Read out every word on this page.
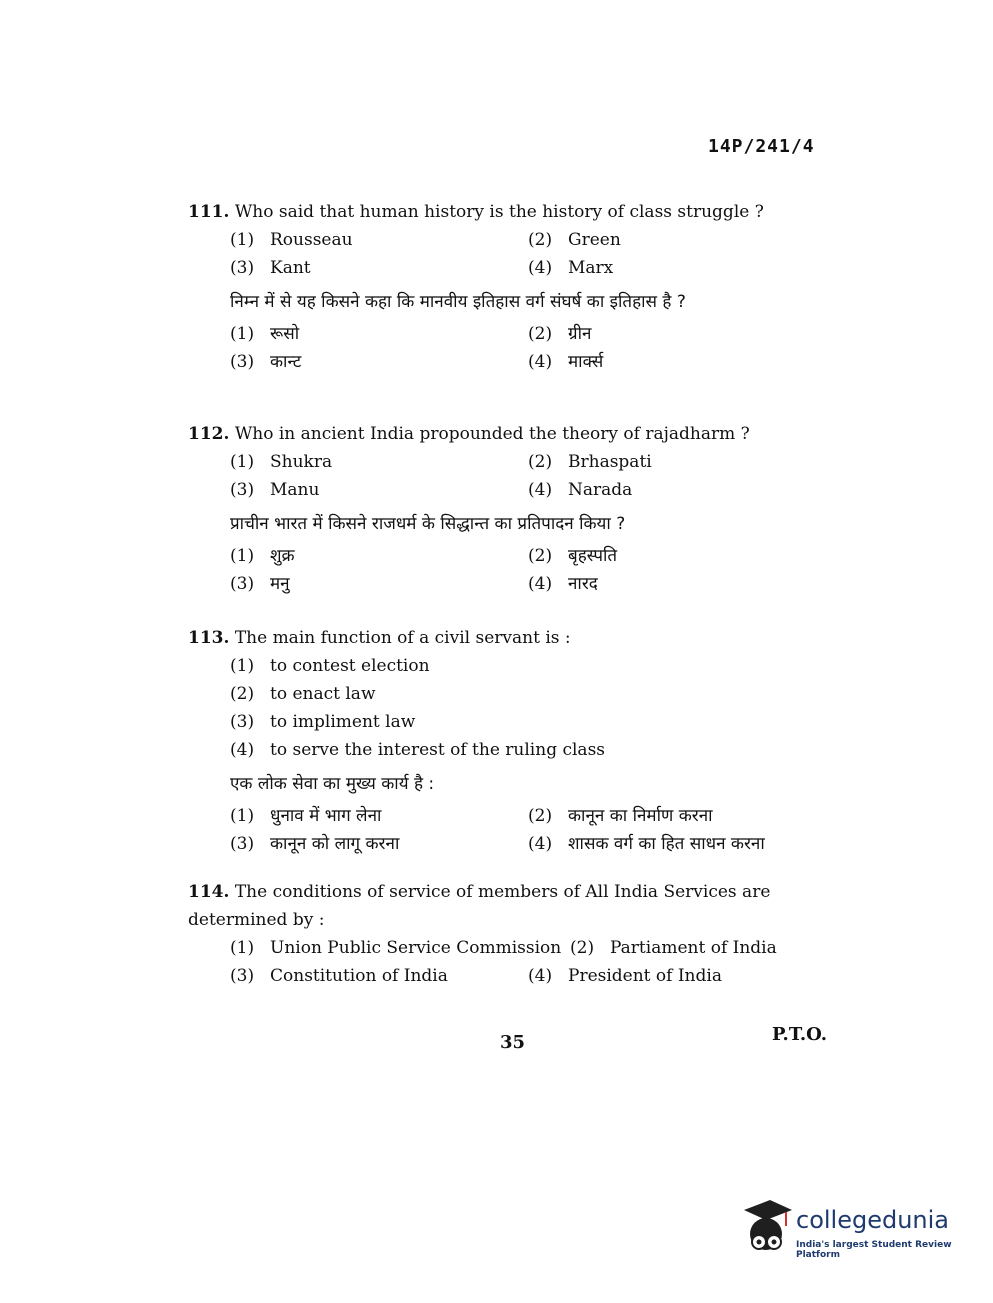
14P/241/4
111. Who said that human history is the history of class struggle ?
(1) Rousseau	(2) Green
(3) Kant	(4) Marx
निम्न में से यह किसने कहा कि मानवीय इतिहास वर्ग संघर्ष का इतिहास है ?
(1) रूसो	(2) ग्रीन
(3) कान्ट	(4) मार्क्स
112. Who in ancient India propounded the theory of rajadharm ?
(1) Shukra	(2) Brhaspati
(3) Manu	(4) Narada
प्राचीन भारत में किसने राजधर्म के सिद्धान्त का प्रतिपादन किया ?
(1) शुक्र	(2) बृहस्पति
(3) मनु	(4) नारद
113. The main function of a civil servant is :
(1) to contest election
(2) to enact law
(3) to impliment law
(4) to serve the interest of the ruling class
एक लोक सेवा का मुख्य कार्य है :
(1) धुनाव में भाग लेना	(2) कानून का निर्माण करना
(3) कानून को लागू करना	(4) शासक वर्ग का हित साधन करना
114. The conditions of service of members of All India Services are determined by :
(1) Union Public Service Commission (2) Partiament of India
(3) Constitution of India	(4) President of India
35	P.T.O.
collegedunia
India's largest Student Review Platform
